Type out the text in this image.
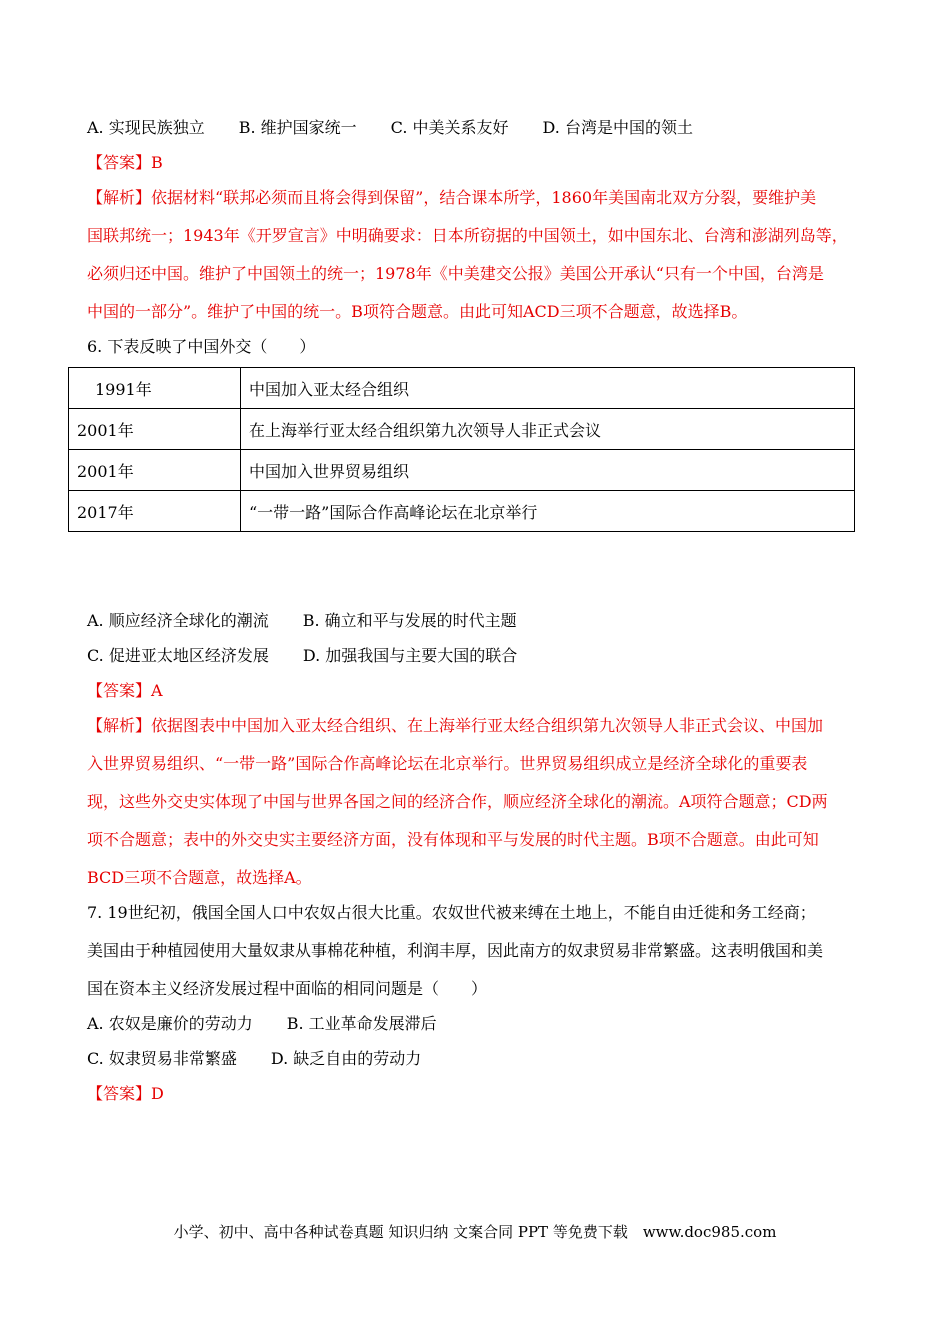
A. 实现民族独立 B. 维护国家统一 C. 中美关系友好 D. 台湾是中国的领土
【答案】B
【解析】依据材料“联邦必须而且将会得到保留”，结合课本所学，1860年美国南北双方分裂，要维护美
国联邦统一；1943年《开罗宣言》中明确要求：日本所窃据的中国领土，如中国东北、台湾和澎湖列岛等，
必须归还中国。维护了中国领土的统一；1978年《中美建交公报》美国公开承认“只有一个中国，台湾是
中国的一部分”。维护了中国的统一。B项符合题意。由此可知ACD三项不合题意，故选择B。
6. 下表反映了中国外交（　　）
1991年	中国加入亚太经合组织
2001年	在上海举行亚太经合组织第九次领导人非正式会议
2001年	中国加入世界贸易组织
2017年	“一带一路”国际合作高峰论坛在北京举行
A. 顺应经济全球化的潮流 B. 确立和平与发展的时代主题
C. 促进亚太地区经济发展 D. 加强我国与主要大国的联合
【答案】A
【解析】依据图表中中国加入亚太经合组织、在上海举行亚太经合组织第九次领导人非正式会议、中国加
入世界贸易组织、“一带一路”国际合作高峰论坛在北京举行。世界贸易组织成立是经济全球化的重要表
现，这些外交史实体现了中国与世界各国之间的经济合作，顺应经济全球化的潮流。A项符合题意；CD两
项不合题意；表中的外交史实主要经济方面，没有体现和平与发展的时代主题。B项不合题意。由此可知
BCD三项不合题意，故选择A。
7. 19世纪初，俄国全国人口中农奴占很大比重。农奴世代被来缚在土地上，不能自由迁徙和务工经商；
美国由于种植园使用大量奴隶从事棉花种植，利润丰厚，因此南方的奴隶贸易非常繁盛。这表明俄国和美
国在资本主义经济发展过程中面临的相同问题是（　　）
A. 农奴是廉价的劳动力 B. 工业革命发展滞后
C. 奴隶贸易非常繁盛 D. 缺乏自由的劳动力
【答案】D
小学、初中、高中各种试卷真题 知识归纳 文案合同 PPT 等免费下载　www.doc985.com
